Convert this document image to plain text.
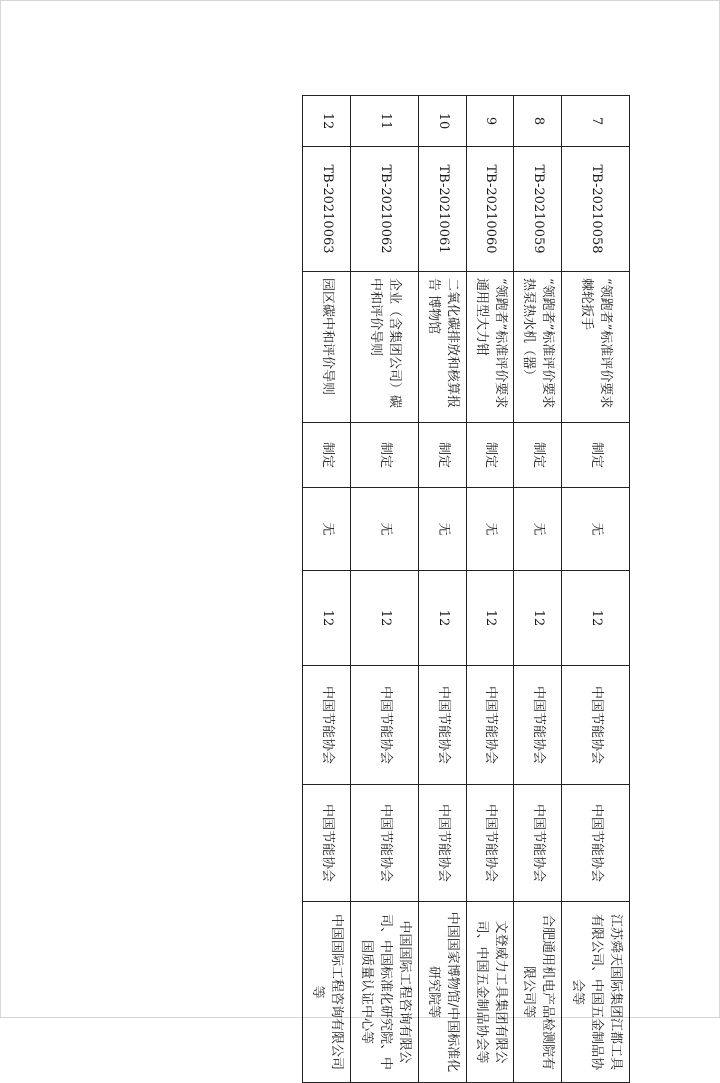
7	TB-20210058	“领跑者”标准评价要求 棘轮扳手	制定	无	12	中国节能协会	中国节能协会	江苏舜天国际集团江都工具有限公司、中国五金制品协会等
8	TB-20210059	“领跑者”标准评价要求 热泵热水机（器）	制定	无	12	中国节能协会	中国节能协会	合肥通用机电产品检测院有限公司等
9	TB-20210060	“领跑者”标准评价要求 通用型大力钳	制定	无	12	中国节能协会	中国节能协会	文登威力工具集团有限公司、中国五金制品协会等
10	TB-20210061	二氧化碳排放和核算报告 博物馆	制定	无	12	中国节能协会	中国节能协会	中国国家博物馆/中国标准化研究院等
11	TB-20210062	企业（含集团公司）碳中和评价导则	制定	无	12	中国节能协会	中国节能协会	中国国际工程咨询有限公司、中国标准化研究院、中国质量认证中心等
12	TB-20210063	园区碳中和评价导则	制定	无	12	中国节能协会	中国节能协会	中国国际工程咨询有限公司等
